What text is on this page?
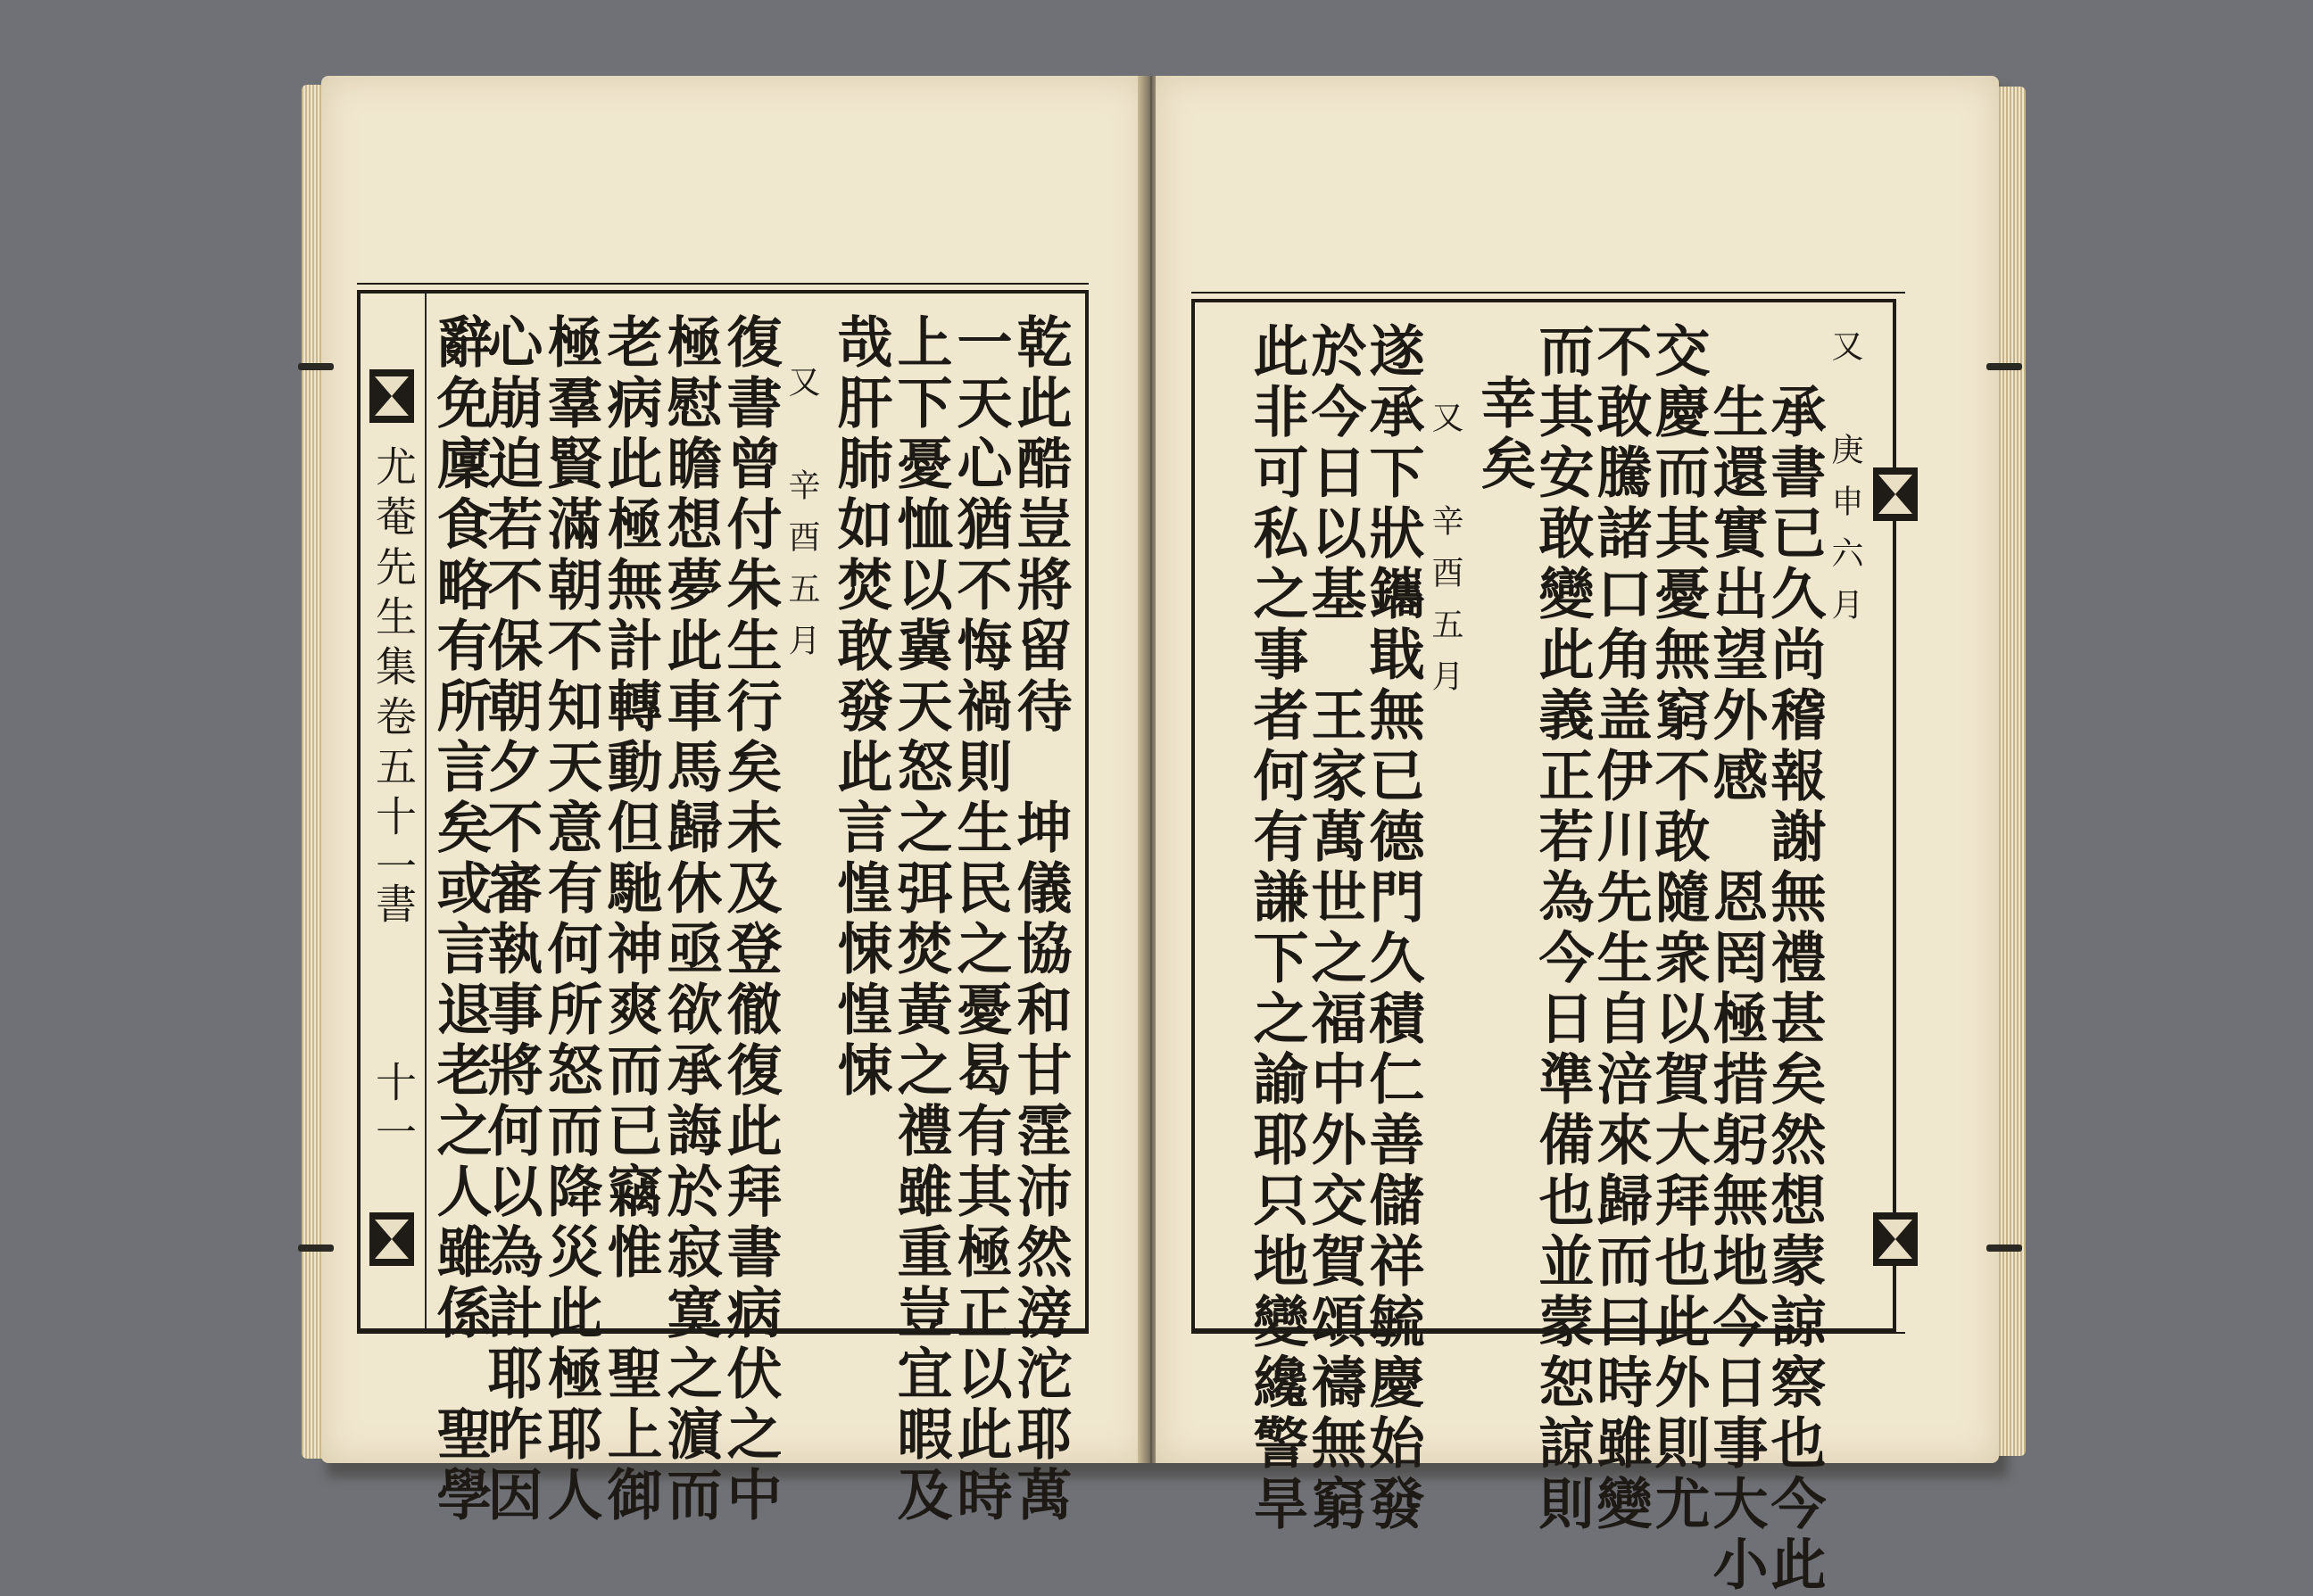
尤菴先生集卷五十一
書
十一	乾此酷豈將留待　坤儀協和甘霔沛然滂沱耶萬
一天心猶不悔禍則生民之憂曷有其極正以此時
上下憂恤以冀天怒之弭焚黃之禮雖重豈宜暇及
哉肝肺如焚敢發此言惶悚惶悚
又　辛酉五月
復書曾付朱生行矣未及登徹復此拜書病伏之中
極慰瞻想夢此車馬歸休亟欲承誨於寂寞之濵而
老病此極無計轉動但馳神爽而已竊惟　聖上御
極羣賢滿朝不知天意有何所怒而降災此極耶人
心崩迫若不保朝夕不審執事將何以為計耶昨因
辭免廩食略有所言矣或言退老之人雖係　聖學	又　庚申六月
承書已久尚稽報謝無禮甚矣然想蒙諒察也今此
生還實出望外感　恩罔極措躬無地今日事大小
交慶而其憂無窮不敢隨衆以賀大拜也此外則尤
不敢騰諸口角盖伊川先生自涪來歸而曰時雖變
而其安敢變此義正若為今日準備也並蒙恕諒則
幸矣
又　辛酉五月
遂承下狀鑴戢無已德門久積仁善儲祥毓慶始發
於今日以基　王家萬世之福中外交賀頌禱無窮
此非可私之事者何有謙下之諭耶只地變纔警旱
